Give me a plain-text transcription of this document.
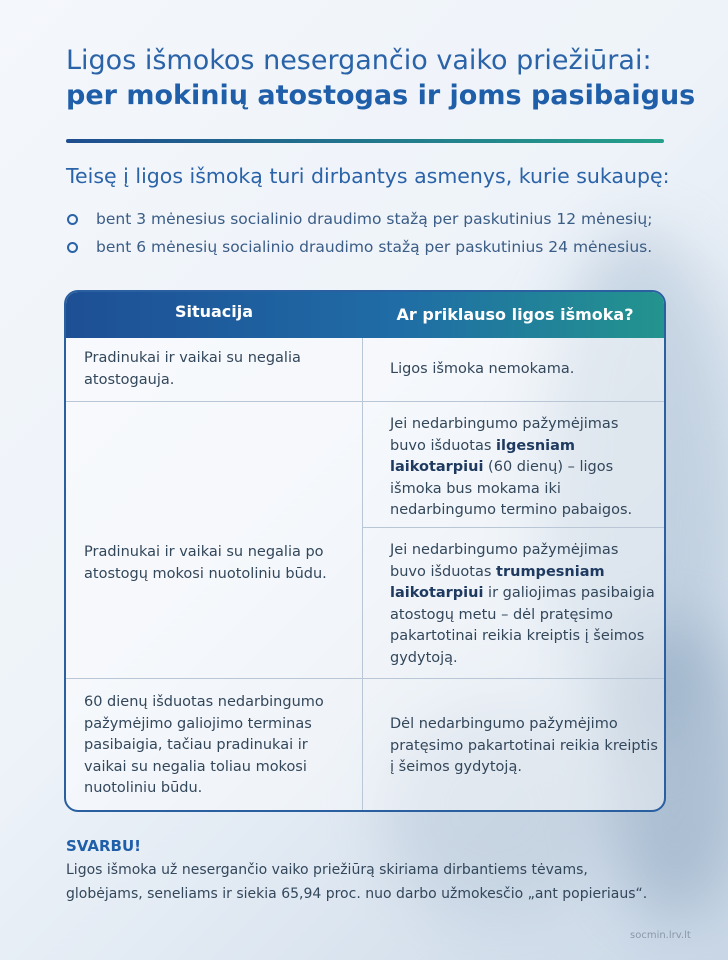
Ligos išmokos nesergančio vaiko priežiūrai:
per mokinių atostogas ir joms pasibaigus
Teisę į ligos išmoką turi dirbantys asmenys, kurie sukaupę:
bent 3 mėnesius socialinio draudimo stažą per paskutinius 12 mėnesių;
bent 6 mėnesių socialinio draudimo stažą per paskutinius 24 mėnesius.
Situacija	Ar priklauso ligos išmoka?
Pradinukai ir vaikai su negalia atostogauja.
Ligos išmoka nemokama.
Pradinukai ir vaikai su negalia po atostogų mokosi nuotoliniu būdu.
Jei nedarbingumo pažymėjimas buvo išduotas ilgesniam laikotarpiui (60 dienų) – ligos išmoka bus mokama iki nedarbingumo termino pabaigos.
Jei nedarbingumo pažymėjimas buvo išduotas trumpesniam laikotarpiui ir galiojimas pasibaigia atostogų metu – dėl pratęsimo pakartotinai reikia kreiptis į šeimos gydytoją.
60 dienų išduotas nedarbingumo pažymėjimo galiojimo terminas pasibaigia, tačiau pradinukai ir vaikai su negalia toliau mokosi nuotoliniu būdu.
Dėl nedarbingumo pažymėjimo pratęsimo pakartotinai reikia kreiptis į šeimos gydytoją.
SVARBU!
Ligos išmoka už nesergančio vaiko priežiūrą skiriama dirbantiems tėvams, globėjams, seneliams ir siekia 65,94 proc. nuo darbo užmokesčio „ant popieriaus“.
socmin.lrv.lt
